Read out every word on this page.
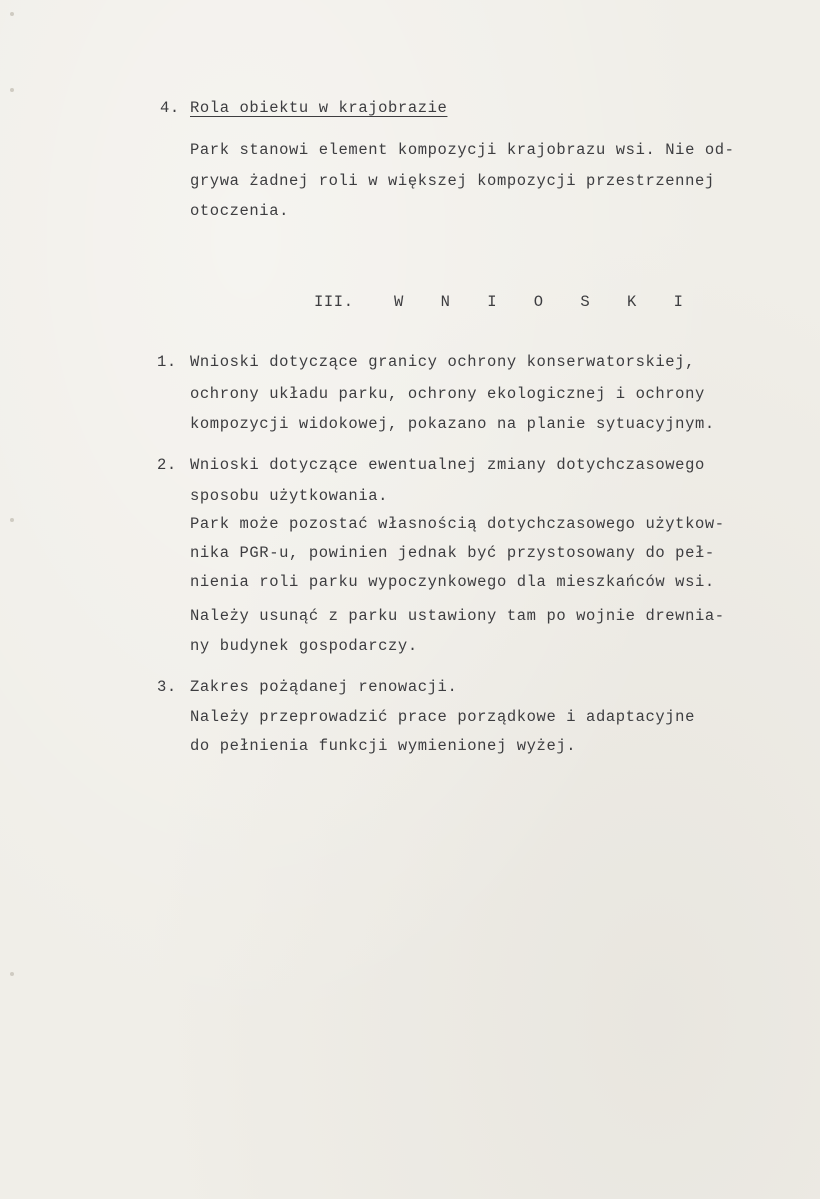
4. Rola obiektu w krajobrazie
Park stanowi element kompozycji krajobrazu wsi. Nie od-
grywa żadnej roli w większej kompozycji przestrzennej
otoczenia.
III.	W N I O S K I
1. Wnioski dotyczące granicy ochrony konserwatorskiej,
ochrony układu parku, ochrony ekologicznej i ochrony
kompozycji widokowej, pokazano na planie sytuacyjnym.
2. Wnioski dotyczące ewentualnej zmiany dotychczasowego
sposobu użytkowania.
Park może pozostać własnością dotychczasowego użytkow-
nika PGR-u, powinien jednak być przystosowany do peł-
nienia roli parku wypoczynkowego dla mieszkańców wsi.
Należy usunąć z parku ustawiony tam po wojnie drewnia-
ny budynek gospodarczy.
3. Zakres pożądanej renowacji.
Należy przeprowadzić prace porządkowe i adaptacyjne
do pełnienia funkcji wymienionej wyżej.
